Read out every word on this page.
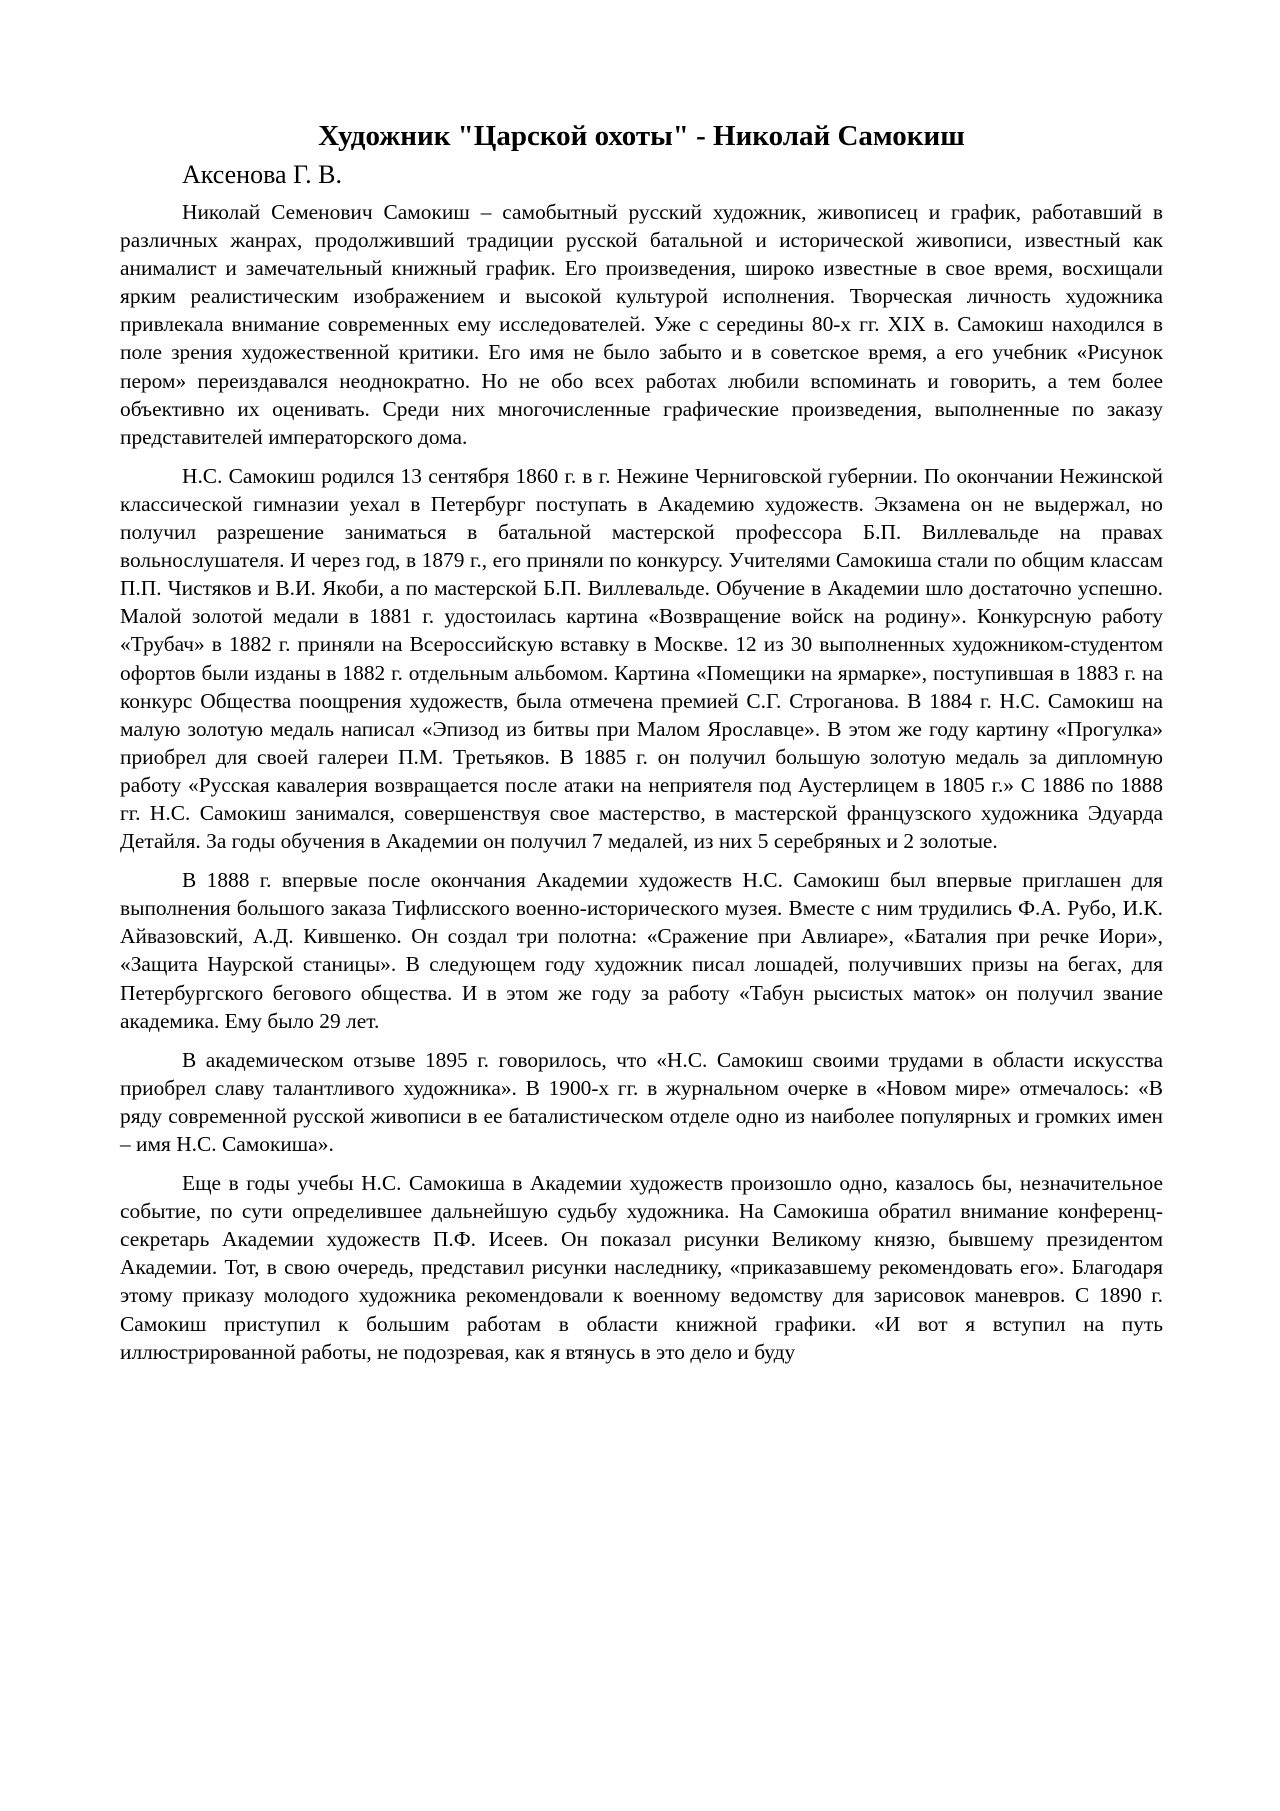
Художник "Царской охоты" - Николай Самокиш
Аксенова Г. В.

Николай Семенович Самокиш – самобытный русский художник, живописец и график, работавший в различных жанрах, продолживший традиции русской батальной и исторической живописи, известный как анималист и замечательный книжный график. Его произведения, широко известные в свое время, восхищали ярким реалистическим изображением и высокой культурой исполнения. Творческая личность художника привлекала внимание современных ему исследователей. Уже с середины 80-х гг. XIX в. Самокиш находился в поле зрения художественной критики. Его имя не было забыто и в советское время, а его учебник «Рисунок пером» переиздавался неоднократно. Но не обо всех работах любили вспоминать и говорить, а тем более объективно их оценивать. Среди них многочисленные графические произведения, выполненные по заказу представителей императорского дома.

Н.С. Самокиш родился 13 сентября 1860 г. в г. Нежине Черниговской губернии. По окончании Нежинской классической гимназии уехал в Петербург поступать в Академию художеств. Экзамена он не выдержал, но получил разрешение заниматься в батальной мастерской профессора Б.П. Виллевальде на правах вольнослушателя. И через год, в 1879 г., его приняли по конкурсу. Учителями Самокиша стали по общим классам П.П. Чистяков и В.И. Якоби, а по мастерской Б.П. Виллевальде. Обучение в Академии шло достаточно успешно. Малой золотой медали в 1881 г. удостоилась картина «Возвращение войск на родину». Конкурсную работу «Трубач» в 1882 г. приняли на Всероссийскую вставку в Москве. 12 из 30 выполненных художником-студентом офортов были изданы в 1882 г. отдельным альбомом. Картина «Помещики на ярмарке», поступившая в 1883 г. на конкурс Общества поощрения художеств, была отмечена премией С.Г. Строганова. В 1884 г. Н.С. Самокиш на малую золотую медаль написал «Эпизод из битвы при Малом Ярославце». В этом же году картину «Прогулка» приобрел для своей галереи П.М. Третьяков. В 1885 г. он получил большую золотую медаль за дипломную работу «Русская кавалерия возвращается после атаки на неприятеля под Аустерлицем в 1805 г.» С 1886 по 1888 гг. Н.С. Самокиш занимался, совершенствуя свое мастерство, в мастерской французского художника Эдуарда Детайля. За годы обучения в Академии он получил 7 медалей, из них 5 серебряных и 2 золотые.

В 1888 г. впервые после окончания Академии художеств Н.С. Самокиш был впервые приглашен для выполнения большого заказа Тифлисского военно-исторического музея. Вместе с ним трудились Ф.А. Рубо, И.К. Айвазовский, А.Д. Кившенко. Он создал три полотна: «Сражение при Авлиаре», «Баталия при речке Иори», «Защита Наурской станицы». В следующем году художник писал лошадей, получивших призы на бегах, для Петербургского бегового общества. И в этом же году за работу «Табун рысистых маток» он получил звание академика. Ему было 29 лет.

В академическом отзыве 1895 г. говорилось, что «Н.С. Самокиш своими трудами в области искусства приобрел славу талантливого художника». В 1900-х гг. в журнальном очерке в «Новом мире» отмечалось: «В ряду современной русской живописи в ее баталистическом отделе одно из наиболее популярных и громких имен – имя Н.С. Самокиша».

Еще в годы учебы Н.С. Самокиша в Академии художеств произошло одно, казалось бы, незначительное событие, по сути определившее дальнейшую судьбу художника. На Самокиша обратил внимание конференц-секретарь Академии художеств П.Ф. Исеев. Он показал рисунки Великому князю, бывшему президентом Академии. Тот, в свою очередь, представил рисунки наследнику, «приказавшему рекомендовать его». Благодаря этому приказу молодого художника рекомендовали к военному ведомству для зарисовок маневров. С 1890 г. Самокиш приступил к большим работам в области книжной графики. «И вот я вступил на путь иллюстрированной работы, не подозревая, как я втянусь в это дело и буду
